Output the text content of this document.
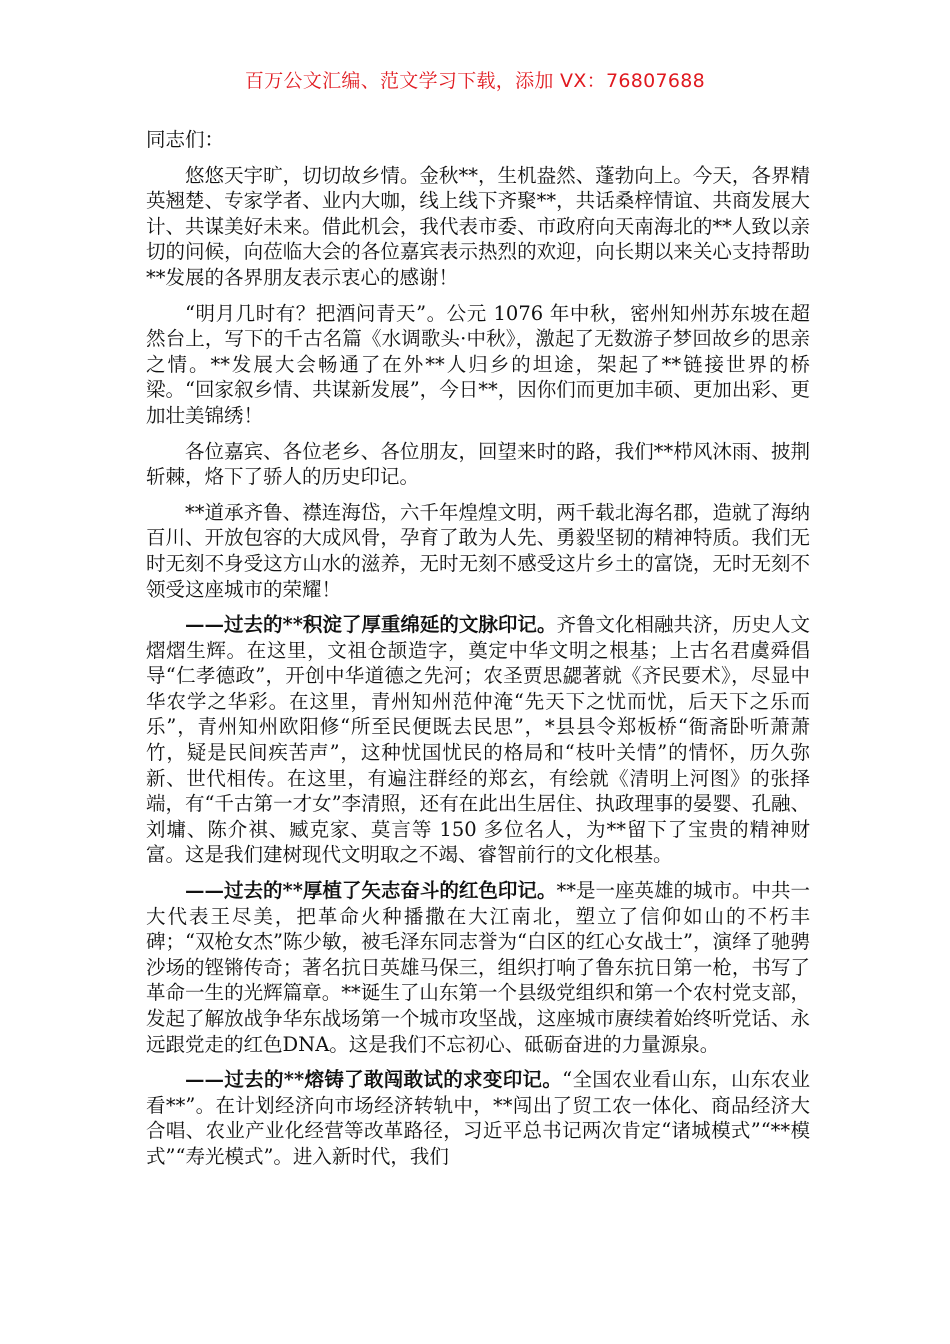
百万公文汇编、范文学习下载，添加 VX：76807688

同志们：

悠悠天宇旷，切切故乡情。金秋**，生机盎然、蓬勃向上。今天，各界精英翘楚、专家学者、业内大咖，线上线下齐聚**，共话桑梓情谊、共商发展大计、共谋美好未来。借此机会，我代表市委、市政府向天南海北的**人致以亲切的问候，向莅临大会的各位嘉宾表示热烈的欢迎，向长期以来关心支持帮助**发展的各界朋友表示衷心的感谢！

“明月几时有？把酒问青天”。公元 1076 年中秋，密州知州苏东坡在超然台上，写下的千古名篇《水调歌头·中秋》，激起了无数游子梦回故乡的思亲之情。**发展大会畅通了在外**人归乡的坦途，架起了**链接世界的桥梁。“回家叙乡情、共谋新发展”，今日**，因你们而更加丰硕、更加出彩、更加壮美锦绣！

各位嘉宾、各位老乡、各位朋友，回望来时的路，我们**栉风沐雨、披荆斩棘，烙下了骄人的历史印记。

**道承齐鲁、襟连海岱，六千年煌煌文明，两千载北海名郡，造就了海纳百川、开放包容的大成风骨，孕育了敢为人先、勇毅坚韧的精神特质。我们无时无刻不身受这方山水的滋养，无时无刻不感受这片乡土的富饶，无时无刻不领受这座城市的荣耀！

——过去的**积淀了厚重绵延的文脉印记。齐鲁文化相融共济，历史人文熠熠生辉。在这里，文祖仓颉造字，奠定中华文明之根基；上古名君虞舜倡导“仁孝德政”，开创中华道德之先河；农圣贾思勰著就《齐民要术》，尽显中华农学之华彩。在这里，青州知州范仲淹“先天下之忧而忧，后天下之乐而乐”，青州知州欧阳修“所至民便既去民思”，*县县令郑板桥“衙斋卧听萧萧竹，疑是民间疾苦声”，这种忧国忧民的格局和“枝叶关情”的情怀，历久弥新、世代相传。在这里，有遍注群经的郑玄，有绘就《清明上河图》的张择端，有“千古第一才女”李清照，还有在此出生居住、执政理事的晏婴、孔融、刘墉、陈介祺、臧克家、莫言等 150 多位名人，为**留下了宝贵的精神财富。这是我们建树现代文明取之不竭、睿智前行的文化根基。

——过去的**厚植了矢志奋斗的红色印记。**是一座英雄的城市。中共一大代表王尽美，把革命火种播撒在大江南北，塑立了信仰如山的不朽丰碑；“双枪女杰”陈少敏，被毛泽东同志誉为“白区的红心女战士”，演绎了驰骋沙场的铿锵传奇；著名抗日英雄马保三，组织打响了鲁东抗日第一枪，书写了革命一生的光辉篇章。**诞生了山东第一个县级党组织和第一个农村党支部，发起了解放战争华东战场第一个城市攻坚战，这座城市赓续着始终听党话、永远跟党走的红色DNA。这是我们不忘初心、砥砺奋进的力量源泉。

——过去的**熔铸了敢闯敢试的求变印记。“全国农业看山东，山东农业看**”。在计划经济向市场经济转轨中，**闯出了贸工农一体化、商品经济大合唱、农业产业化经营等改革路径，习近平总书记两次肯定“诸城模式”“**模式”“寿光模式”。进入新时代，我们
